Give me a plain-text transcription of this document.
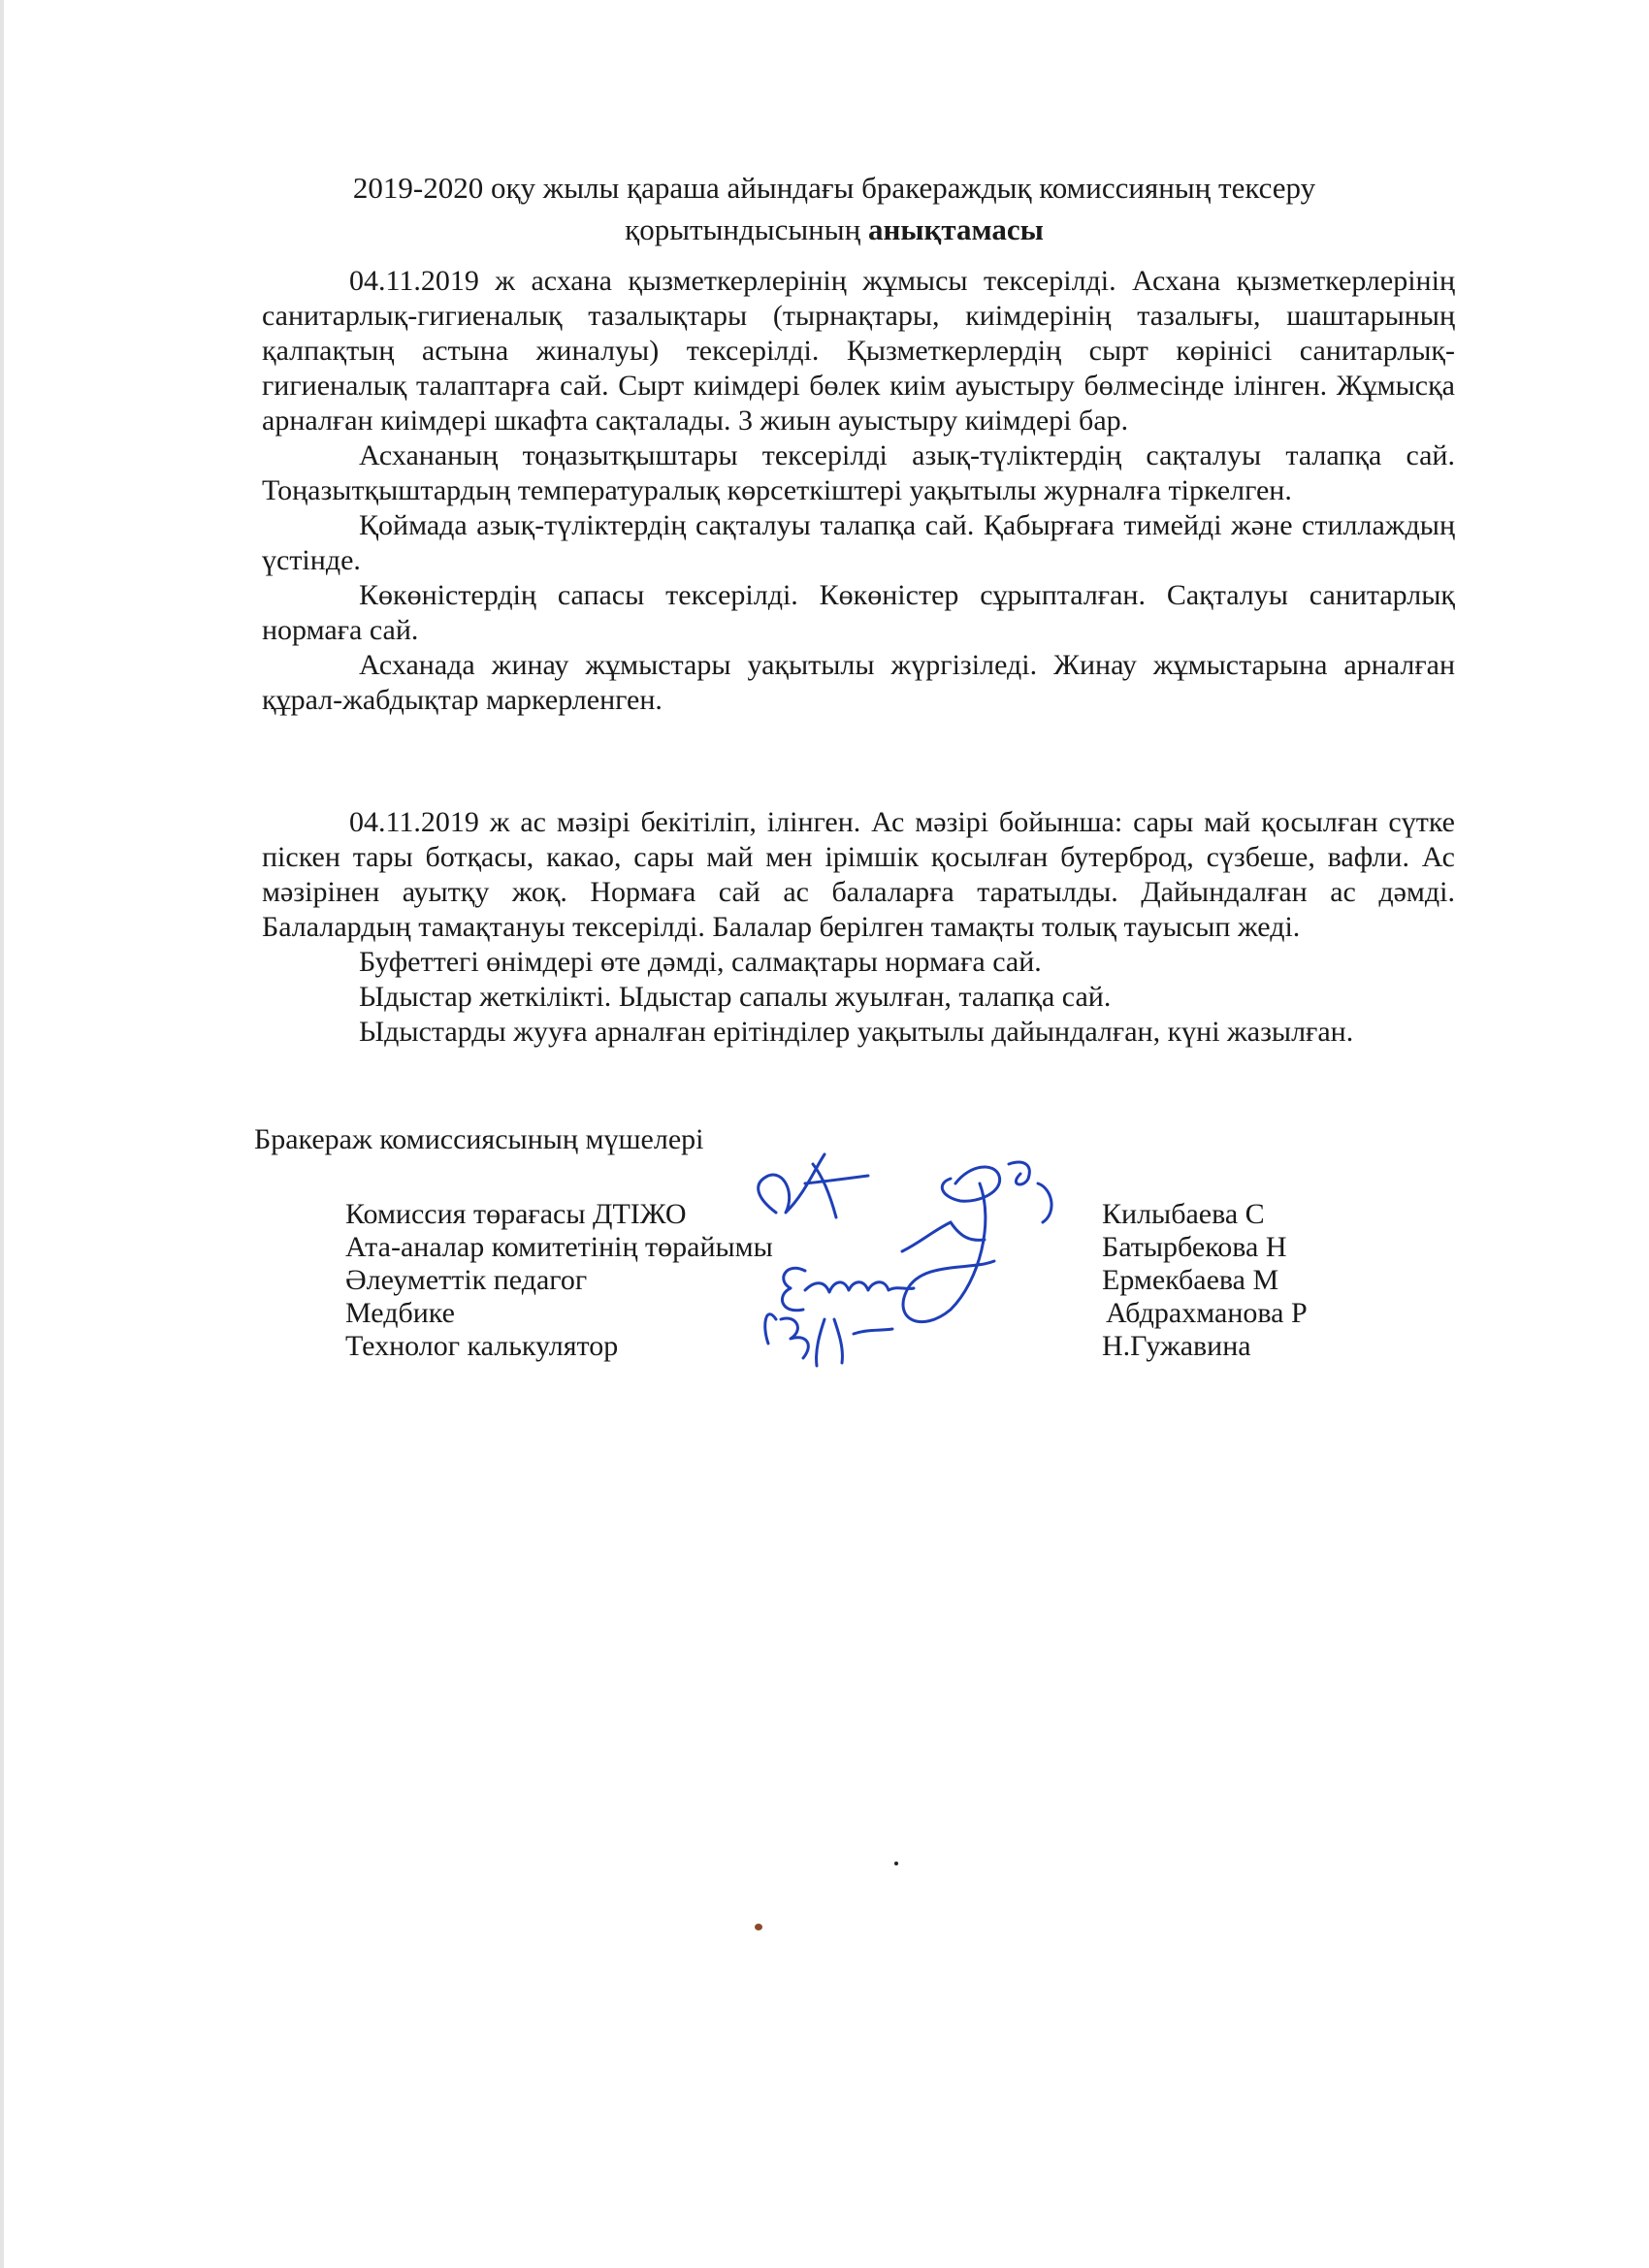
2019-2020 оқу жылы қараша айындағы бракераждық комиссияның тексеру
қорытындысының анықтамасы

04.11.2019 ж асхана қызметкерлерінің жұмысы тексерілді. Асхана қызметкерлерінің санитарлық-гигиеналық тазалықтары (тырнақтары, киімдерінің тазалығы, шаштарының қалпақтың астына жиналуы) тексерілді. Қызметкерлердің сырт көрінісі санитарлық-гигиеналық талаптарға сай. Сырт киімдері бөлек киім ауыстыру бөлмесінде ілінген. Жұмысқа арналған киімдері шкафта сақталады. 3 жиын ауыстыру киімдері бар.

Асхананың тоңазытқыштары тексерілді азық-түліктердің сақталуы талапқа сай. Тоңазытқыштардың температуралық көрсеткіштері уақытылы журналға тіркелген.

Қоймада азық-түліктердің сақталуы талапқа сай. Қабырғаға тимейді және стиллаждың үстінде.

Көкөністердің сапасы тексерілді. Көкөністер сұрыпталған. Сақталуы санитарлық нормаға сай.

Асханада жинау жұмыстары уақытылы жүргізіледі. Жинау жұмыстарына арналған құрал-жабдықтар маркерленген.

04.11.2019 ж ас мәзірі бекітіліп, ілінген. Ас мәзірі бойынша: сары май қосылған сүтке піскен тары ботқасы, какао, сары май мен ірімшік қосылған бутерброд, сүзбеше, вафли. Ас мәзірінен ауытқу жоқ. Нормаға сай ас балаларға таратылды. Дайындалған ас дәмді. Балалардың тамақтануы тексерілді. Балалар берілген тамақты толық тауысып жеді.

Буфеттегі өнімдері өте дәмді, салмақтары нормаға сай.

Ыдыстар жеткілікті. Ыдыстар сапалы жуылған, талапқа сай.

Ыдыстарды жууға арналған ерітінділер уақытылы дайындалған, күні жазылған.

Бракераж комиссиясының мүшелері
Комиссия төрағасы ДТІЖО	Килыбаева С
Ата-аналар комитетінің төрайымы	Батырбекова Н
Әлеуметтік педагог	Ермекбаева М
Медбике	Абдрахманова Р
Технолог калькулятор	Н.Гужавина
